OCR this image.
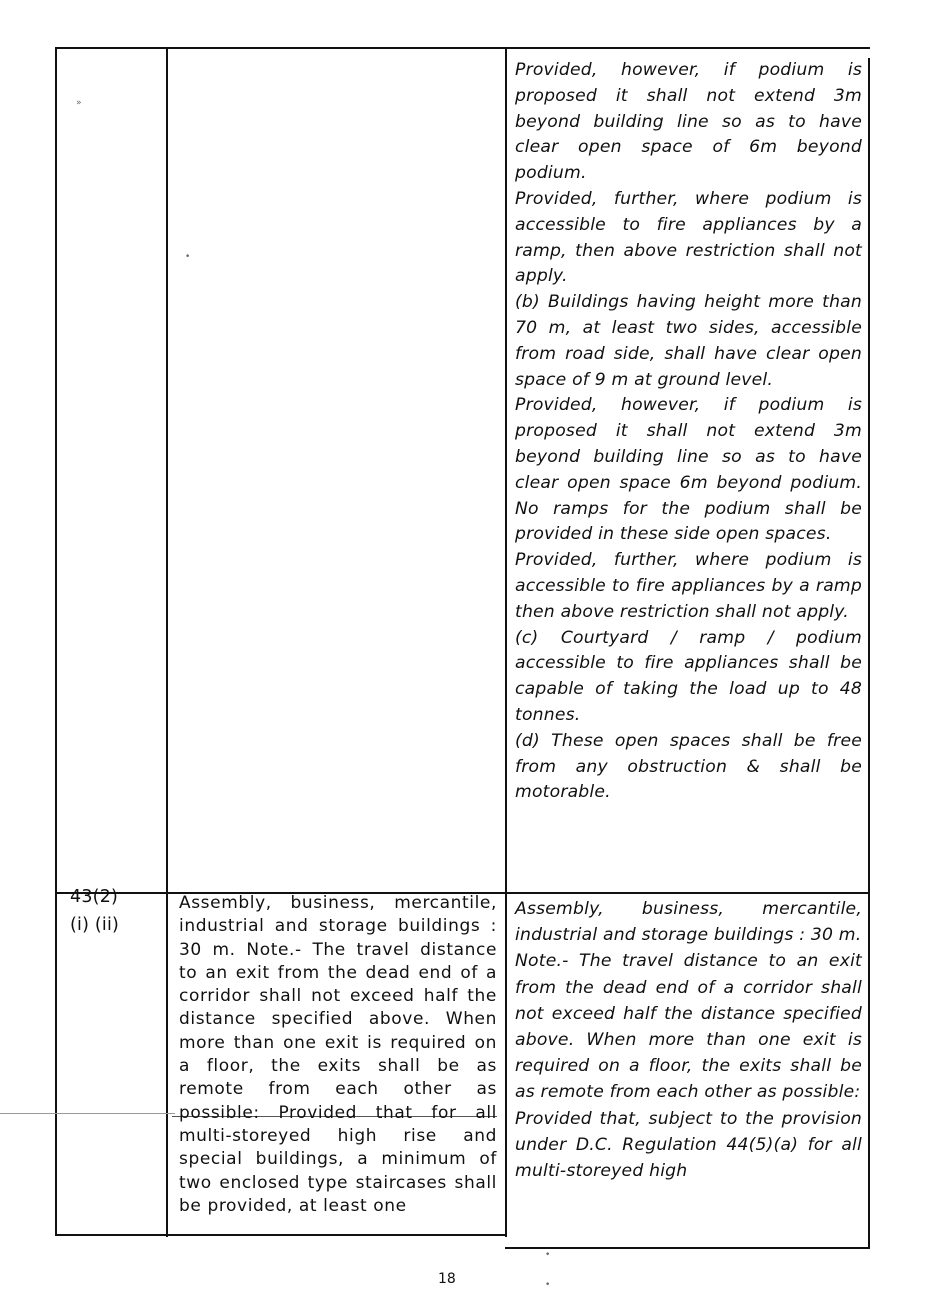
Provided, however, if podium is proposed it shall not extend 3m beyond building line so as to have clear open space of 6m beyond podium.
Provided, further, where podium is accessible to fire appliances by a ramp, then above restriction shall not apply.
(b) Buildings having height more than 70 m, at least two sides, accessible from road side, shall have clear open space of 9 m at ground level.
Provided, however, if podium is proposed it shall not extend 3m beyond building line so as to have clear open space 6m beyond podium. No ramps for the podium shall be provided in these side open spaces.
Provided, further, where podium is accessible to fire appliances by a ramp then above restriction shall not apply.
(c) Courtyard / ramp / podium accessible to fire appliances shall be capable of taking the load up to 48 tonnes.
(d) These open spaces shall be free from any obstruction & shall be motorable.
43(2)
(i) (ii)
Assembly, business, mercantile, industrial and storage buildings : 30 m. Note.- The travel distance to an exit from the dead end of a corridor shall not exceed half the distance specified above. When more than one exit is required on a floor, the exits shall be as remote from each other as possible: Provided that for all multi-storeyed high rise and special buildings, a minimum of two enclosed type staircases shall be provided, at least one
Assembly, business, mercantile, industrial and storage buildings : 30 m.
Note.- The travel distance to an exit from the dead end of a corridor shall not exceed half the distance specified above. When more than one exit is required on a floor, the exits shall be as remote from each other as possible:
Provided that, subject to the provision under D.C. Regulation 44(5)(a) for all multi-storeyed high
»
•
•
•
18
